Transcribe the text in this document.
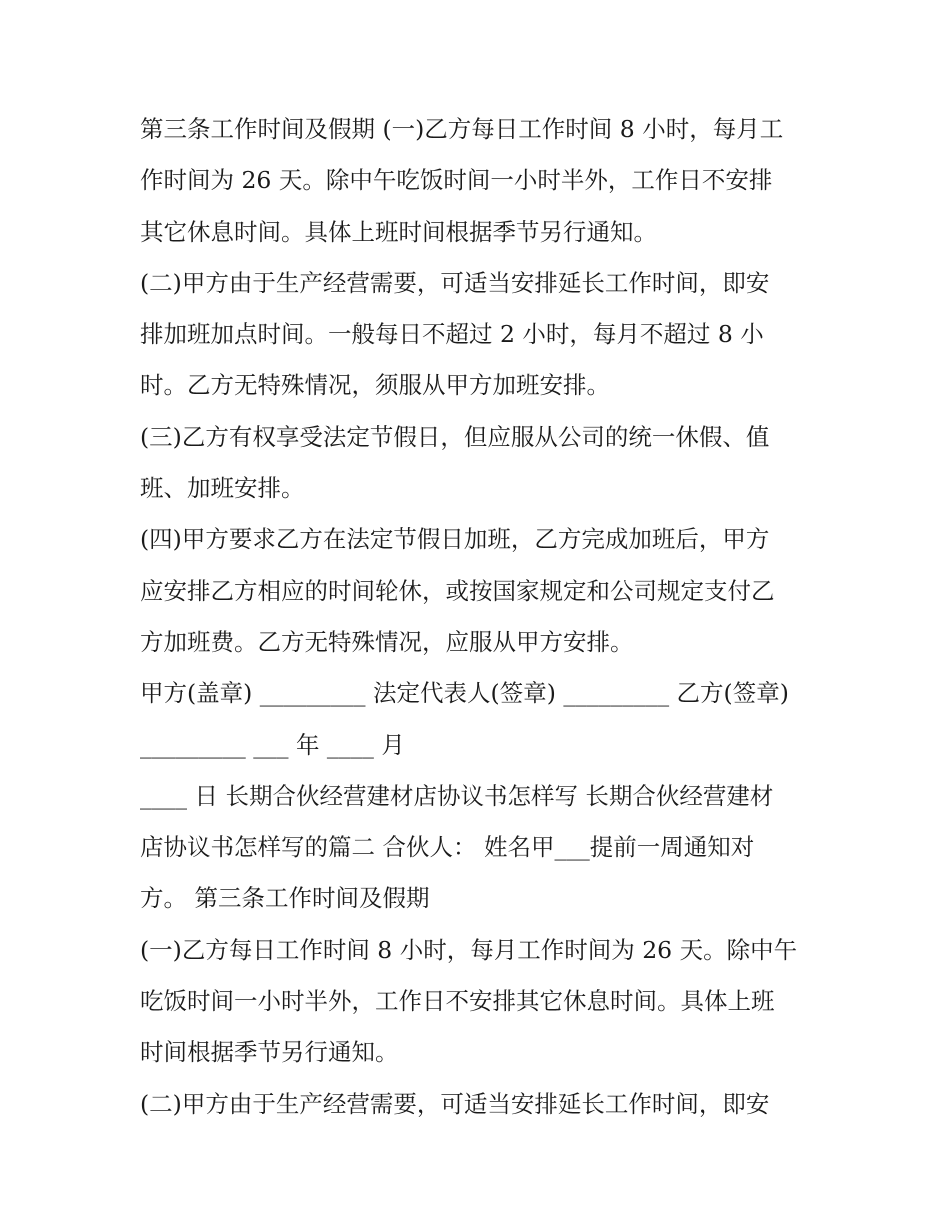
第三条工作时间及假期 (一)乙方每日工作时间 8 小时，每月工
作时间为 26 天。除中午吃饭时间一小时半外，工作日不安排
其它休息时间。具体上班时间根据季节另行通知。
(二)甲方由于生产经营需要，可适当安排延长工作时间，即安
排加班加点时间。一般每日不超过 2 小时，每月不超过 8 小
时。乙方无特殊情况，须服从甲方加班安排。
(三)乙方有权享受法定节假日，但应服从公司的统一休假、值
班、加班安排。
(四)甲方要求乙方在法定节假日加班，乙方完成加班后，甲方
应安排乙方相应的时间轮休，或按国家规定和公司规定支付乙
方加班费。乙方无特殊情况，应服从甲方安排。
甲方(盖章) _________ 法定代表人(签章) _________ 乙方(签章)
_________ ___ 年 ____ 月
____ 日 长期合伙经营建材店协议书怎样写 长期合伙经营建材
店协议书怎样写的篇二 合伙人： 姓名甲___提前一周通知对
方。 第三条工作时间及假期
(一)乙方每日工作时间 8 小时，每月工作时间为 26 天。除中午
吃饭时间一小时半外，工作日不安排其它休息时间。具体上班
时间根据季节另行通知。
(二)甲方由于生产经营需要，可适当安排延长工作时间，即安
